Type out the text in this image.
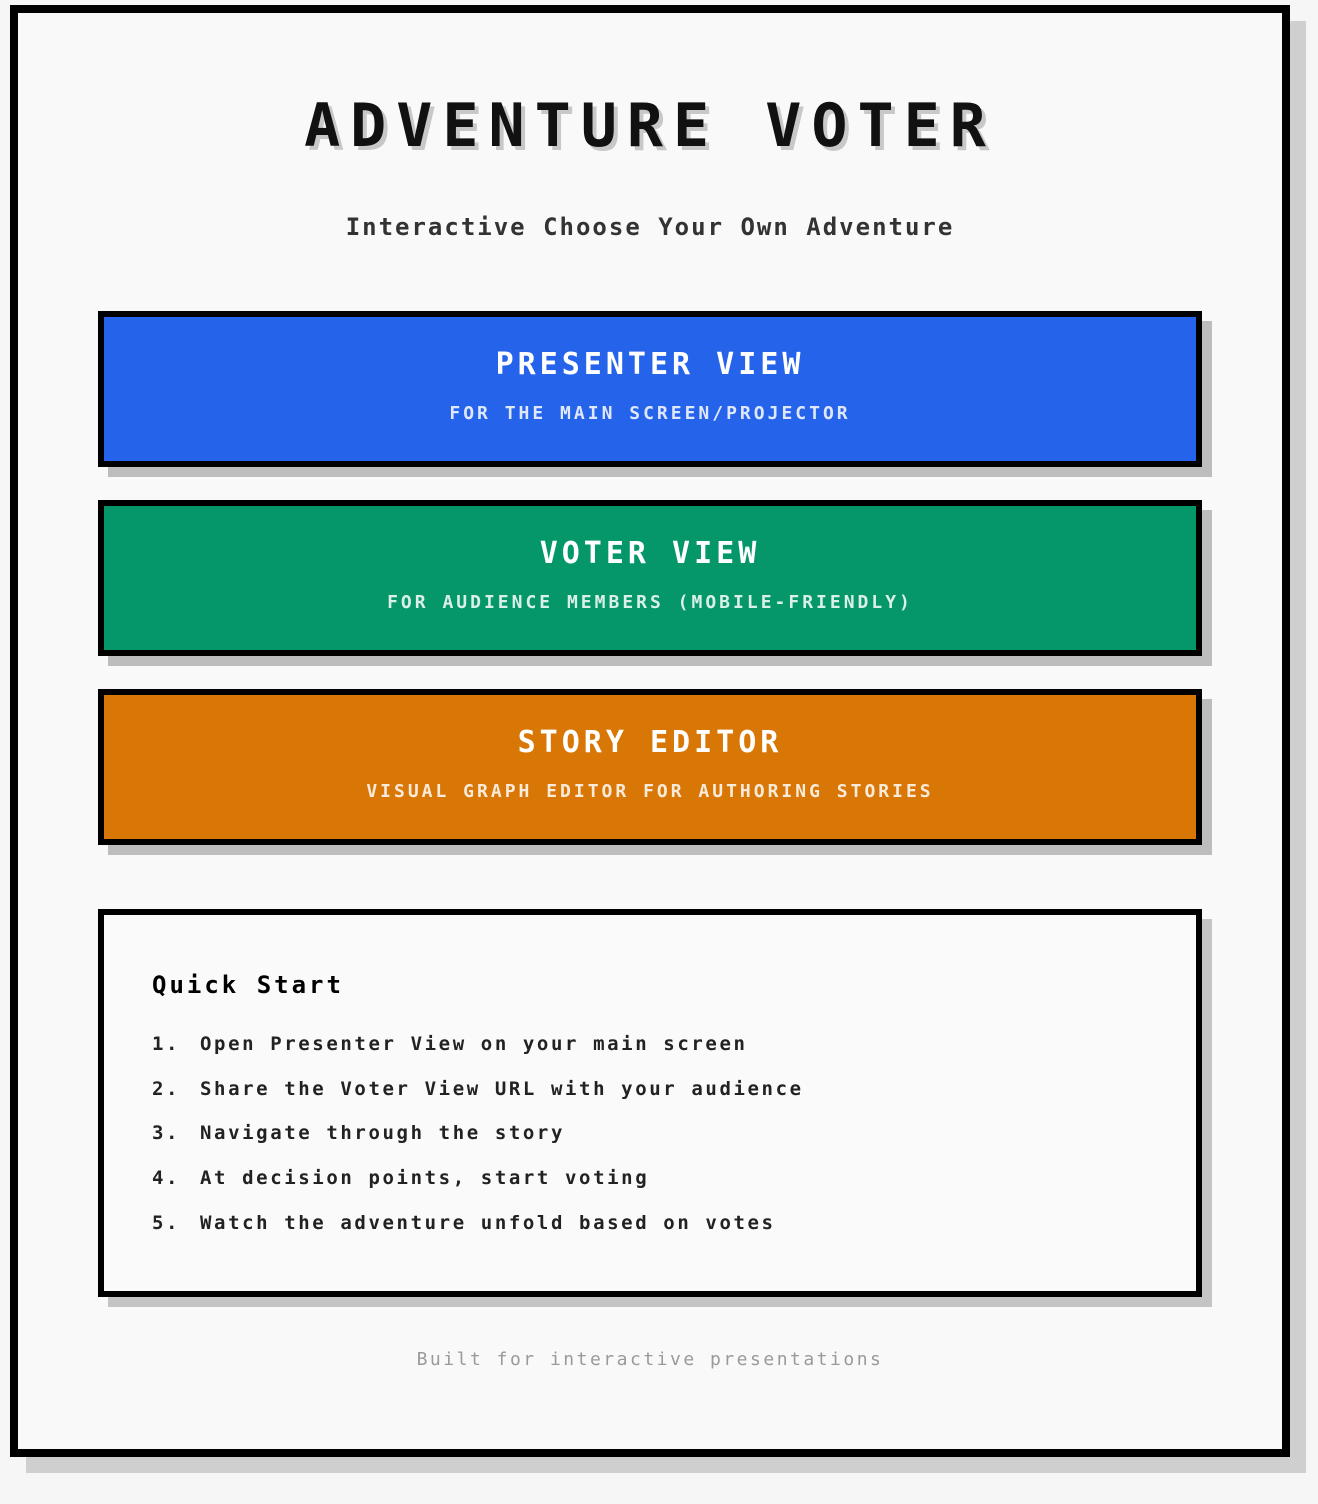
ADVENTURE VOTER

Interactive Choose Your Own Adventure

PRESENTER VIEW
FOR THE MAIN SCREEN/PROJECTOR
VOTER VIEW
FOR AUDIENCE MEMBERS (MOBILE-FRIENDLY)
STORY EDITOR
VISUAL GRAPH EDITOR FOR AUTHORING STORIES
Quick Start
1. Open Presenter View on your main screen
2. Share the Voter View URL with your audience
3. Navigate through the story
4. At decision points, start voting
5. Watch the adventure unfold based on votes
Built for interactive presentations
